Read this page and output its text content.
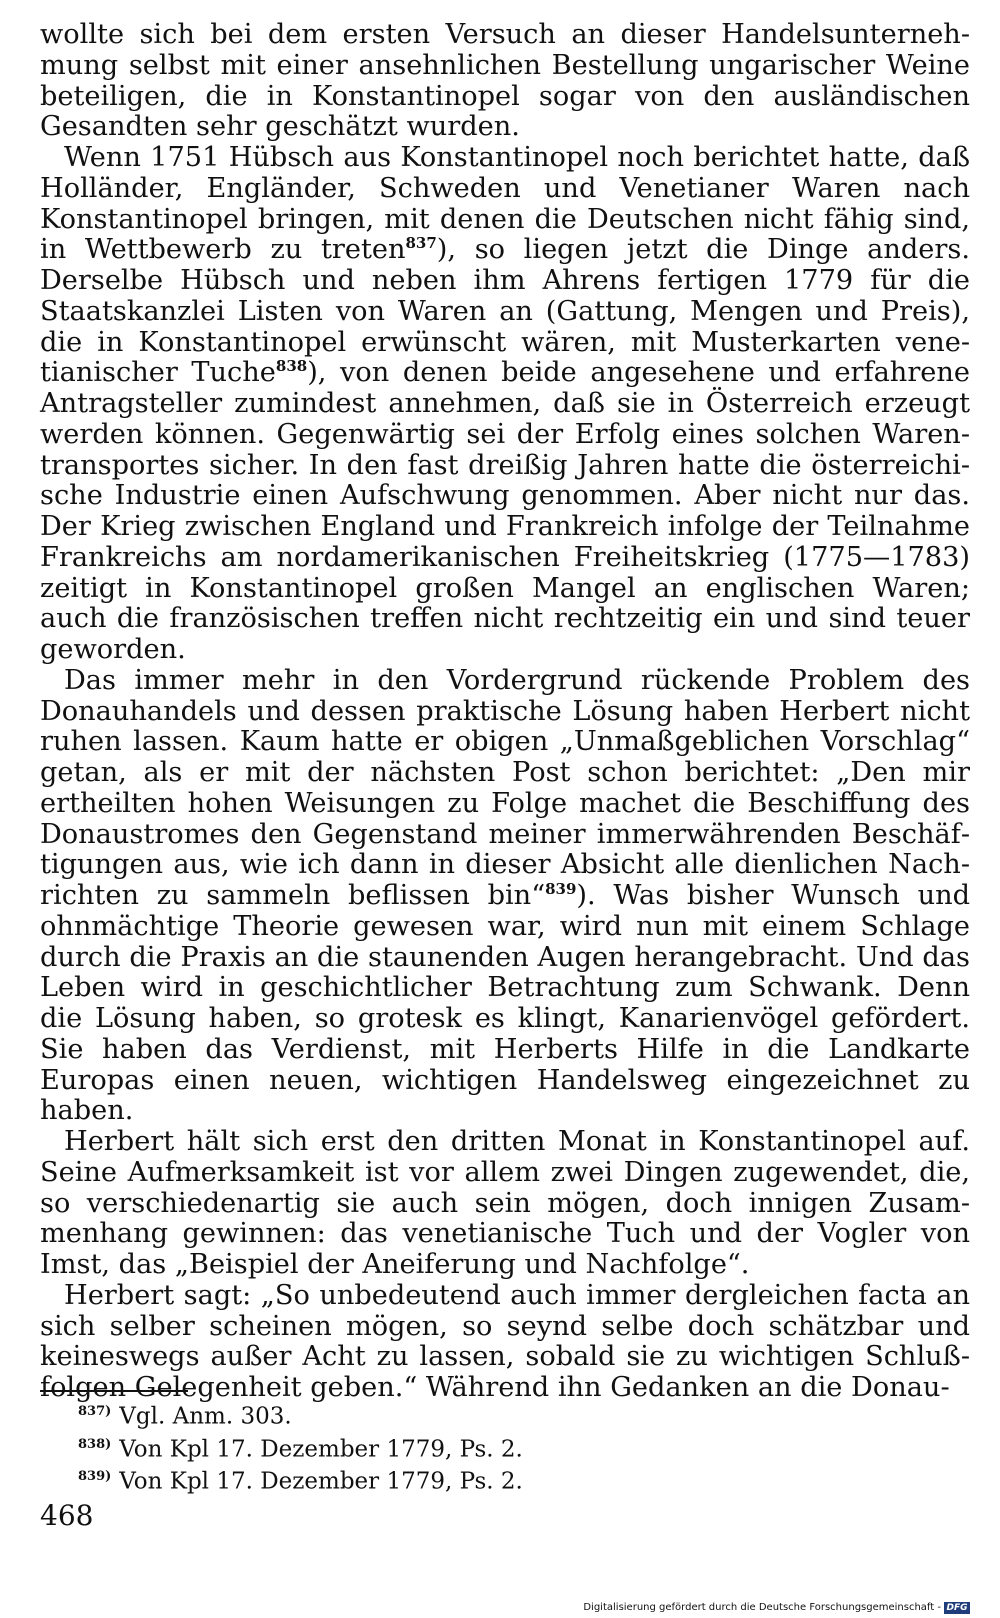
wollte sich bei dem ersten Versuch an dieser Handelsunternehmung selbst mit einer ansehnlichen Bestellung ungarischer Weine beteiligen, die in Konstantinopel sogar von den ausländischen Gesandten sehr geschätzt wurden.

Wenn 1751 Hübsch aus Konstantinopel noch berichtet hatte, daß Holländer, Engländer, Schweden und Venetianer Waren nach Konstantinopel bringen, mit denen die Deutschen nicht fähig sind, in Wettbewerb zu treten$^{837}$), so liegen jetzt die Dinge anders. Derselbe Hübsch und neben ihm Ahrens fertigen 1779 für die Staatskanzlei Listen von Waren an (Gattung, Mengen und Preis), die in Konstantinopel erwünscht wären, mit Musterkarten venetianischer Tuche$^{838}$), von denen beide angesehene und erfahrene Antragsteller zumindest annehmen, daß sie in Österreich erzeugt werden können. Gegenwärtig sei der Erfolg eines solchen Warentransportes sicher. In den fast dreißig Jahren hatte die österreichische Industrie einen Aufschwung genommen. Aber nicht nur das. Der Krieg zwischen England und Frankreich infolge der Teilnahme Frankreichs am nordamerikanischen Freiheitskrieg (1775—1783) zeitigt in Konstantinopel großen Mangel an englischen Waren; auch die französischen treffen nicht rechtzeitig ein und sind teuer geworden.

Das immer mehr in den Vordergrund rückende Problem des Donauhandels und dessen praktische Lösung haben Herbert nicht ruhen lassen. Kaum hatte er obigen „Unmaßgeblichen Vorschlag“ getan, als er mit der nächsten Post schon berichtet: „Den mir ertheilten hohen Weisungen zu Folge machet die Beschiffung des Donaustromes den Gegenstand meiner immerwährenden Beschäftigungen aus, wie ich dann in dieser Absicht alle dienlichen Nachrichten zu sammeln beflissen bin“$^{839}$). Was bisher Wunsch und ohnmächtige Theorie gewesen war, wird nun mit einem Schlage durch die Praxis an die staunenden Augen herangebracht. Und das Leben wird in geschichtlicher Betrachtung zum Schwank. Denn die Lösung haben, so grotesk es klingt, Kanarienvögel gefördert. Sie haben das Verdienst, mit Herberts Hilfe in die Landkarte Europas einen neuen, wichtigen Handelsweg eingezeichnet zu haben.

Herbert hält sich erst den dritten Monat in Konstantinopel auf. Seine Aufmerksamkeit ist vor allem zwei Dingen zugewendet, die, so verschiedenartig sie auch sein mögen, doch innigen Zusammenhang gewinnen: das venetianische Tuch und der Vogler von Imst, das „Beispiel der Aneiferung und Nachfolge“.

Herbert sagt: „So unbedeutend auch immer dergleichen facta an sich selber scheinen mögen, so seynd selbe doch schätzbar und keineswegs außer Acht zu lassen, sobald sie zu wichtigen Schlußfolgen Gelegenheit geben.“ Während ihn Gedanken an die Donau-

$^{837)}$ Vgl. Anm. 303.
$^{838)}$ Von Kpl 17. Dezember 1779, Ps. 2.
$^{839)}$ Von Kpl 17. Dezember 1779, Ps. 2.
468
Digitalisierung gefördert durch die Deutsche Forschungsgemeinschaft - DFG
